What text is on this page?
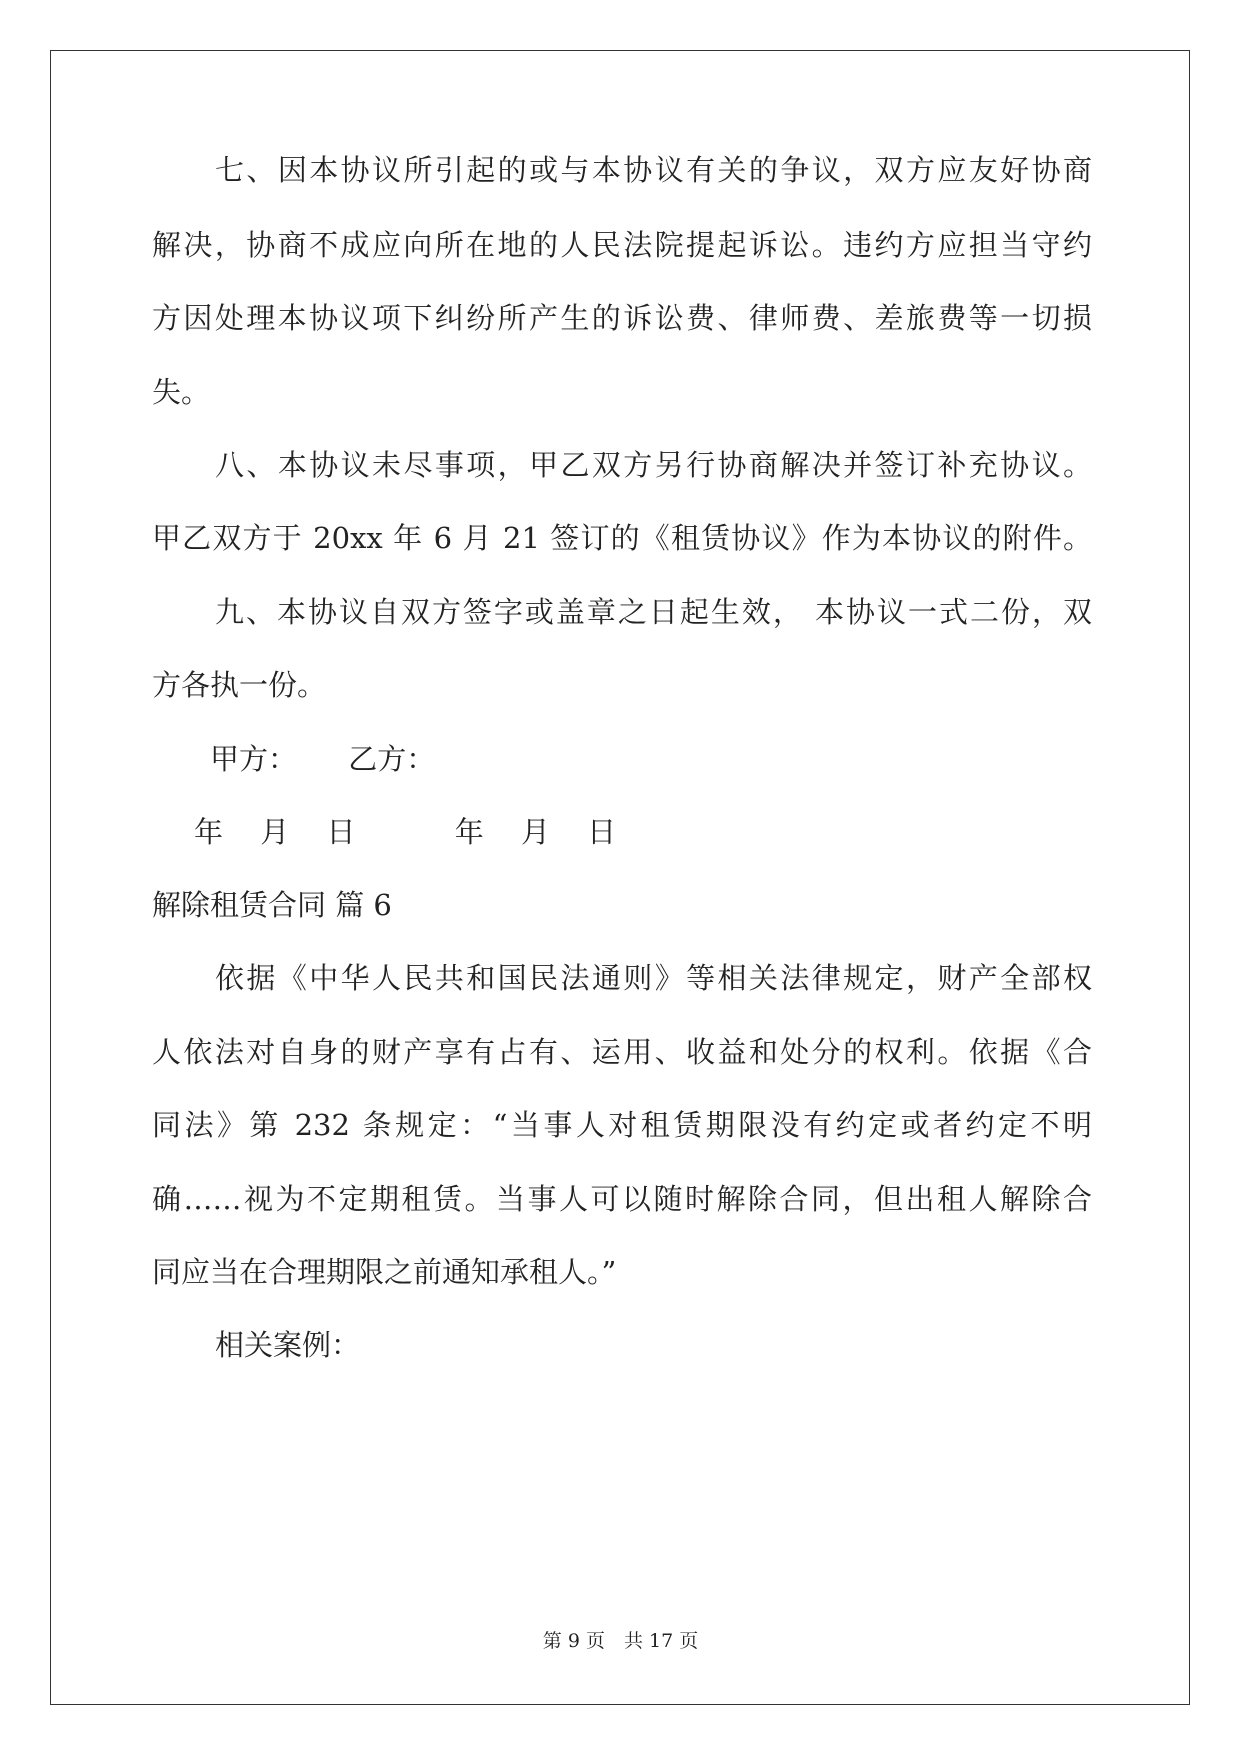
七、因本协议所引起的或与本协议有关的争议，双方应友好协商
解决，协商不成应向所在地的人民法院提起诉讼。违约方应担当守约
方因处理本协议项下纠纷所产生的诉讼费、律师费、差旅费等一切损
失。
八、本协议未尽事项，甲乙双方另行协商解决并签订补充协议。
甲乙双方于 20xx 年 6 月 21 签订的《租赁协议》作为本协议的附件。
九、本协议自双方签字或盖章之日起生效， 本协议一式二份，双
方各执一份。
甲方： 乙方：
年 月 日	年 月 日
解除租赁合同 篇 6
依据《中华人民共和国民法通则》等相关法律规定，财产全部权
人依法对自身的财产享有占有、运用、收益和处分的权利。依据《合
同法》第 232 条规定：“当事人对租赁期限没有约定或者约定不明
确……视为不定期租赁。当事人可以随时解除合同，但出租人解除合
同应当在合理期限之前通知承租人。”
相关案例：
第 9 页　共 17 页
